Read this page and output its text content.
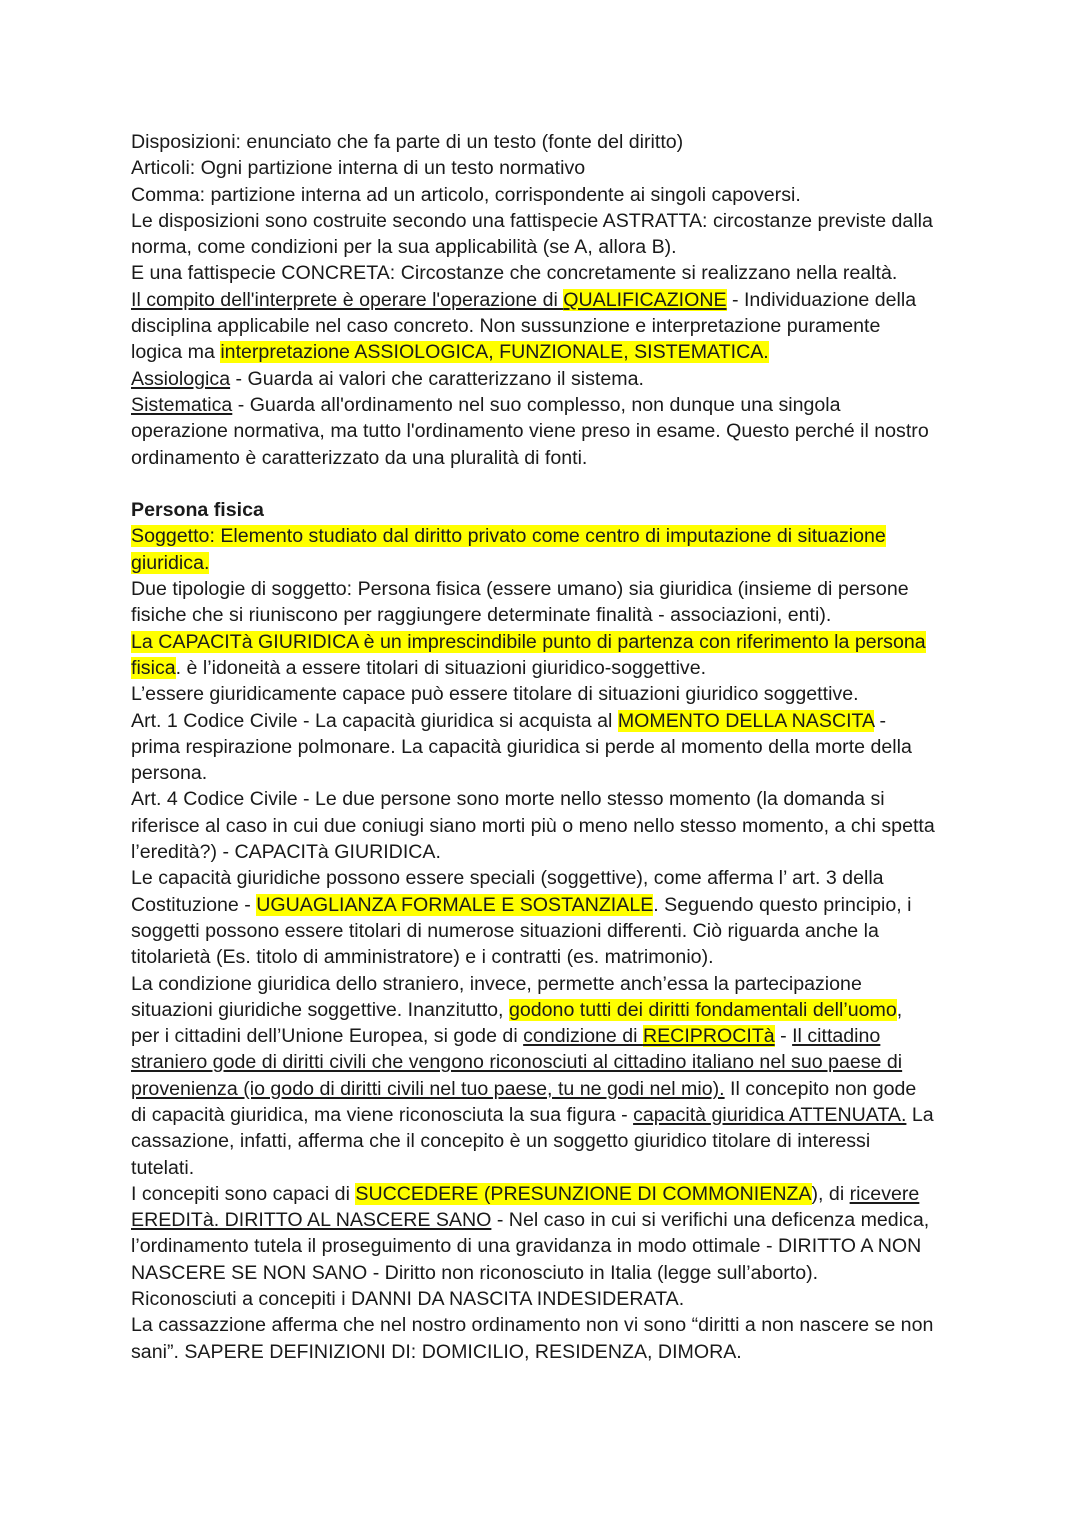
Disposizioni: enunciato che fa parte di un testo (fonte del diritto)

Articoli: Ogni partizione interna di un testo normativo

Comma: partizione interna ad un articolo, corrispondente ai singoli capoversi.

Le disposizioni sono costruite secondo una fattispecie ASTRATTA: circostanze previste dalla

norma, come condizioni per la sua applicabilità (se A, allora B).

E una fattispecie CONCRETA: Circostanze che concretamente si realizzano nella realtà.

Il compito dell'interprete è operare l'operazione di QUALIFICAZIONE - Individuazione della

disciplina applicabile nel caso concreto. Non sussunzione e interpretazione puramente

logica ma interpretazione ASSIOLOGICA, FUNZIONALE, SISTEMATICA.

Assiologica - Guarda ai valori che caratterizzano il sistema.

Sistematica - Guarda all'ordinamento nel suo complesso, non dunque una singola

operazione normativa, ma tutto l'ordinamento viene preso in esame. Questo perché il nostro

ordinamento è caratterizzato da una pluralità di fonti.

Persona fisica

Soggetto: Elemento studiato dal diritto privato come centro di imputazione di situazione

giuridica.

Due tipologie di soggetto: Persona fisica (essere umano) sia giuridica (insieme di persone

fisiche che si riuniscono per raggiungere determinate finalità - associazioni, enti).

La CAPACITà GIURIDICA è un imprescindibile punto di partenza con riferimento la persona

fisica. è l’idoneità a essere titolari di situazioni giuridico-soggettive.

L’essere giuridicamente capace può essere titolare di situazioni giuridico soggettive.

Art. 1 Codice Civile - La capacità giuridica si acquista al MOMENTO DELLA NASCITA -

prima respirazione polmonare. La capacità giuridica si perde al momento della morte della

persona.

Art. 4 Codice Civile - Le due persone sono morte nello stesso momento (la domanda si

riferisce al caso in cui due coniugi siano morti più o meno nello stesso momento, a chi spetta

l’eredità?) - CAPACITà GIURIDICA.

Le capacità giuridiche possono essere speciali (soggettive), come afferma l’ art. 3 della

Costituzione - UGUAGLIANZA FORMALE E SOSTANZIALE. Seguendo questo principio, i

soggetti possono essere titolari di numerose situazioni differenti. Ciò riguarda anche la

titolarietà (Es. titolo di amministratore) e i contratti (es. matrimonio).

La condizione giuridica dello straniero, invece, permette anch’essa la partecipazione

situazioni giuridiche soggettive. Inanzitutto, godono tutti dei diritti fondamentali dell’uomo,

per i cittadini dell’Unione Europea, si gode di condizione di RECIPROCITà - Il cittadino

straniero gode di diritti civili che vengono riconosciuti al cittadino italiano nel suo paese di

provenienza (io godo di diritti civili nel tuo paese, tu ne godi nel mio). Il concepito non gode

di capacità giuridica, ma viene riconosciuta la sua figura - capacità giuridica ATTENUATA. La

cassazione, infatti, afferma che il concepito è un soggetto giuridico titolare di interessi

tutelati.

I concepiti sono capaci di SUCCEDERE (PRESUNZIONE DI COMMONIENZA), di ricevere

EREDITà. DIRITTO AL NASCERE SANO - Nel caso in cui si verifichi una deficenza medica,

l’ordinamento tutela il proseguimento di una gravidanza in modo ottimale - DIRITTO A NON

NASCERE SE NON SANO - Diritto non riconosciuto in Italia (legge sull’aborto).

Riconosciuti a concepiti i DANNI DA NASCITA INDESIDERATA.

La cassazzione afferma che nel nostro ordinamento non vi sono “diritti a non nascere se non

sani”. SAPERE DEFINIZIONI DI: DOMICILIO, RESIDENZA, DIMORA.
